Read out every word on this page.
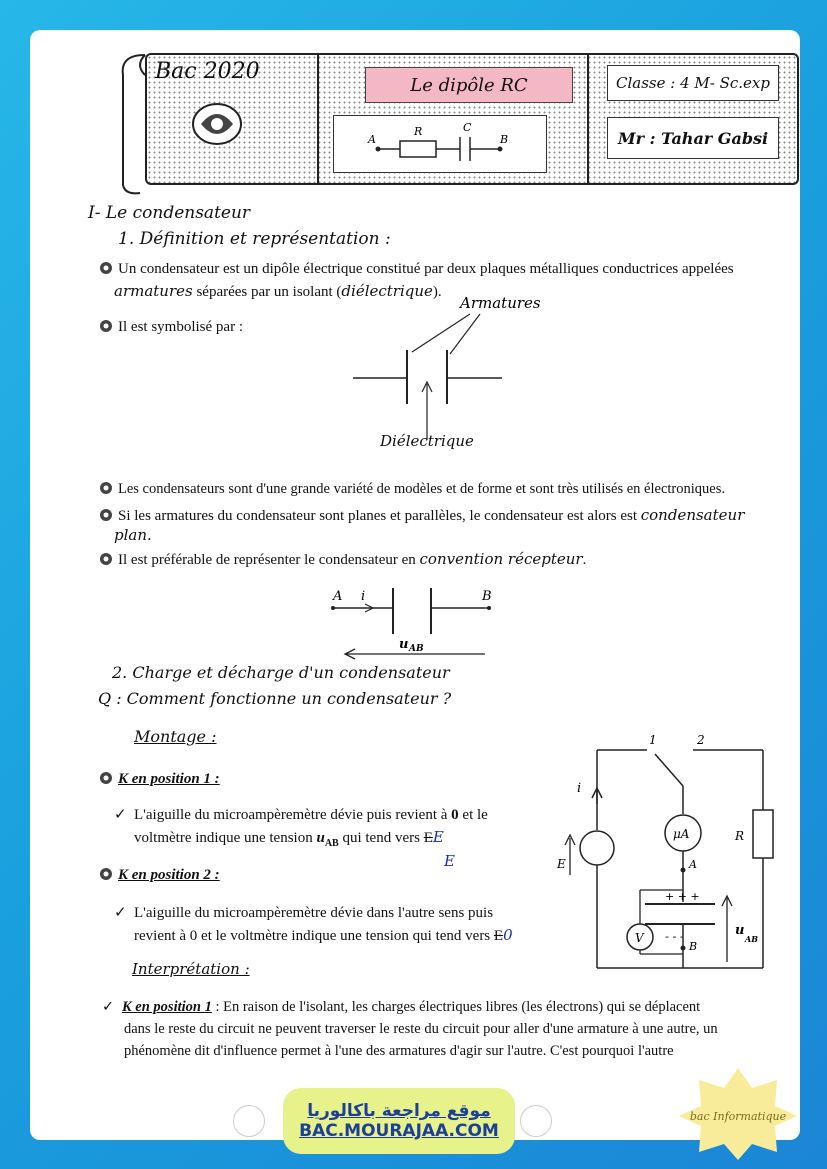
Bac 2020
Le dipôle RC
A
R	C
B
Classe : 4 M- Sc.exp
Mr : Tahar Gabsi
I- Le condensateur
1. Définition et représentation :
Un condensateur est un dipôle électrique constitué par deux plaques métalliques conductrices appelées
armatures séparées par un isolant (diélectrique).
Il est symbolisé par :
Armatures
Diélectrique
Les condensateurs sont d'une grande variété de modèles et de forme et sont très utilisés en électroniques.
Si les armatures du condensateur sont planes et parallèles, le condensateur est alors est condensateur
plan.
Il est préférable de représenter le condensateur en convention récepteur.
A i	B
u AB
2. Charge et décharge d'un condensateur
Q : Comment fonctionne un condensateur ?
Montage :
K en position 1 :
✓ L'aiguille du microampèremètre dévie puis revient à 0 et le
voltmètre indique une tension $u_{AB}$ qui tend vers EE
E
K en position 2 :
✓ L'aiguille du microampèremètre dévie dans l'autre sens puis
revient à 0 et le voltmètre indique une tension qui tend vers E0
Interprétation :
✓ K en position 1 : En raison de l'isolant, les charges électriques libres (les électrons) qui se déplacent
dans le reste du circuit ne peuvent traverser le reste du circuit pour aller d'une armature à une autre, un
phénomène dit d'influence permet à l'une des armatures d'agir sur l'autre. C'est pourquoi l'autre
1	2
i
E
μA
A
+ + +
- - -
B
V	u
AB
R
موقع مراجعة باكالوريا
BAC.MOURAJAA.COM
bac Informatique
